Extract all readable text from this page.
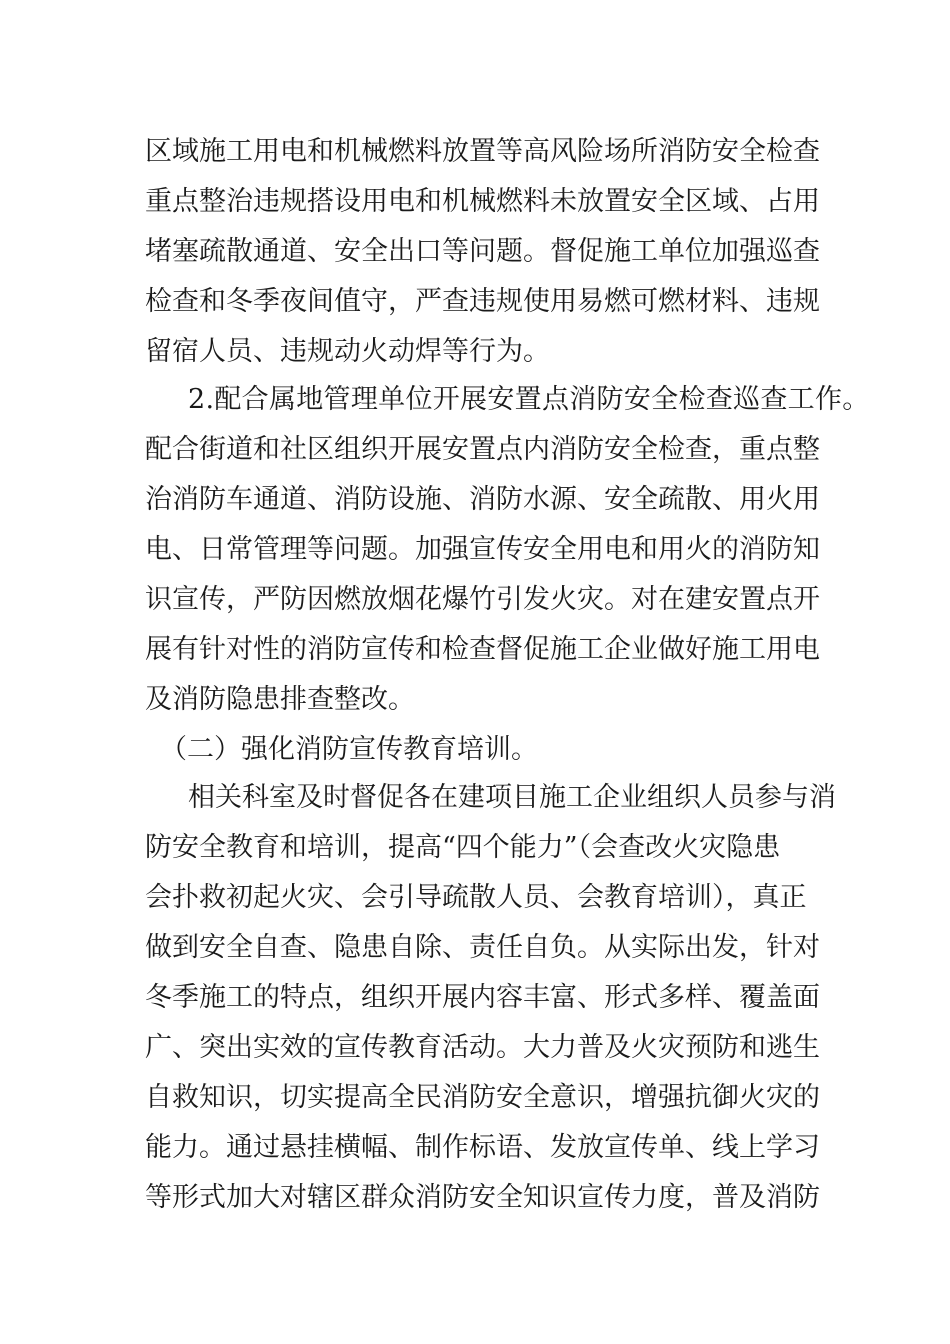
区域施工用电和机械燃料放置等高风险场所消防安全检查
重点整治违规搭设用电和机械燃料未放置安全区域、占用
堵塞疏散通道、安全出口等问题。督促施工单位加强巡查
检查和冬季夜间值守，严查违规使用易燃可燃材料、违规
留宿人员、违规动火动焊等行为。
2.配合属地管理单位开展安置点消防安全检查巡查工作。
配合街道和社区组织开展安置点内消防安全检查，重点整
治消防车通道、消防设施、消防水源、安全疏散、用火用
电、日常管理等问题。加强宣传安全用电和用火的消防知
识宣传，严防因燃放烟花爆竹引发火灾。对在建安置点开
展有针对性的消防宣传和检查督促施工企业做好施工用电
及消防隐患排查整改。
（二）强化消防宣传教育培训。
相关科室及时督促各在建项目施工企业组织人员参与消
防安全教育和培训，提高“四个能力”（会查改火灾隐患
会扑救初起火灾、会引导疏散人员、会教育培训），真正
做到安全自查、隐患自除、责任自负。从实际出发，针对
冬季施工的特点，组织开展内容丰富、形式多样、覆盖面
广、突出实效的宣传教育活动。大力普及火灾预防和逃生
自救知识，切实提高全民消防安全意识，增强抗御火灾的
能力。通过悬挂横幅、制作标语、发放宣传单、线上学习
等形式加大对辖区群众消防安全知识宣传力度，普及消防
